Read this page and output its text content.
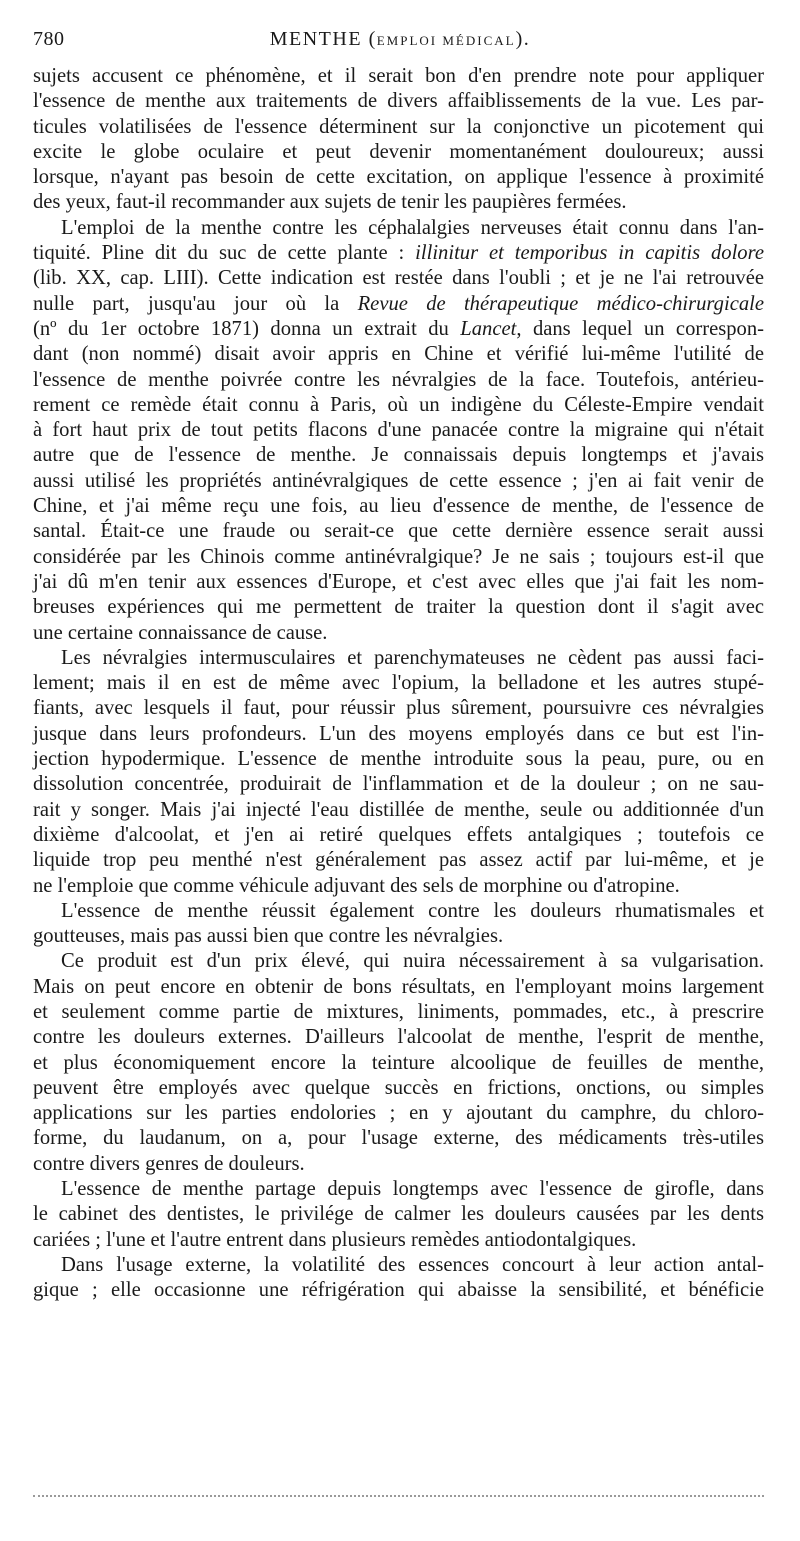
780	MENTHE (EMPLOI MÉDICAL).
sujets accusent ce phénomène, et il serait bon d'en prendre note pour appliquer
l'essence de menthe aux traitements de divers affaiblissements de la vue. Les par-
ticules volatilisées de l'essence déterminent sur la conjonctive un picotement qui
excite le globe oculaire et peut devenir momentanément douloureux; aussi
lorsque, n'ayant pas besoin de cette excitation, on applique l'essence à proximité
des yeux, faut-il recommander aux sujets de tenir les paupières fermées.
L'emploi de la menthe contre les céphalalgies nerveuses était connu dans l'an-
tiquité. Pline dit du suc de cette plante : illinitur et temporibus in capitis dolore
(lib. XX, cap. LIII). Cette indication est restée dans l'oubli ; et je ne l'ai retrouvée
nulle part, jusqu'au jour où la Revue de thérapeutique médico-chirurgicale
(nº du 1er octobre 1871) donna un extrait du Lancet, dans lequel un correspon-
dant (non nommé) disait avoir appris en Chine et vérifié lui-même l'utilité de
l'essence de menthe poivrée contre les névralgies de la face. Toutefois, antérieu-
rement ce remède était connu à Paris, où un indigène du Céleste-Empire vendait
à fort haut prix de tout petits flacons d'une panacée contre la migraine qui n'était
autre que de l'essence de menthe. Je connaissais depuis longtemps et j'avais
aussi utilisé les propriétés antinévralgiques de cette essence ; j'en ai fait venir de
Chine, et j'ai même reçu une fois, au lieu d'essence de menthe, de l'essence de
santal. Était-ce une fraude ou serait-ce que cette dernière essence serait aussi
considérée par les Chinois comme antinévralgique? Je ne sais ; toujours est-il que
j'ai dû m'en tenir aux essences d'Europe, et c'est avec elles que j'ai fait les nom-
breuses expériences qui me permettent de traiter la question dont il s'agit avec
une certaine connaissance de cause.
Les névralgies intermusculaires et parenchymateuses ne cèdent pas aussi faci-
lement; mais il en est de même avec l'opium, la belladone et les autres stupé-
fiants, avec lesquels il faut, pour réussir plus sûrement, poursuivre ces névralgies
jusque dans leurs profondeurs. L'un des moyens employés dans ce but est l'in-
jection hypodermique. L'essence de menthe introduite sous la peau, pure, ou en
dissolution concentrée, produirait de l'inflammation et de la douleur ; on ne sau-
rait y songer. Mais j'ai injecté l'eau distillée de menthe, seule ou additionnée d'un
dixième d'alcoolat, et j'en ai retiré quelques effets antalgiques ; toutefois ce
liquide trop peu menthé n'est généralement pas assez actif par lui-même, et je
ne l'emploie que comme véhicule adjuvant des sels de morphine ou d'atropine.
L'essence de menthe réussit également contre les douleurs rhumatismales et
goutteuses, mais pas aussi bien que contre les névralgies.
Ce produit est d'un prix élevé, qui nuira nécessairement à sa vulgarisation.
Mais on peut encore en obtenir de bons résultats, en l'employant moins largement
et seulement comme partie de mixtures, liniments, pommades, etc., à prescrire
contre les douleurs externes. D'ailleurs l'alcoolat de menthe, l'esprit de menthe,
et plus économiquement encore la teinture alcoolique de feuilles de menthe,
peuvent être employés avec quelque succès en frictions, onctions, ou simples
applications sur les parties endolories ; en y ajoutant du camphre, du chloro-
forme, du laudanum, on a, pour l'usage externe, des médicaments très-utiles
contre divers genres de douleurs.
L'essence de menthe partage depuis longtemps avec l'essence de girofle, dans
le cabinet des dentistes, le privilége de calmer les douleurs causées par les dents
cariées ; l'une et l'autre entrent dans plusieurs remèdes antiodontalgiques.
Dans l'usage externe, la volatilité des essences concourt à leur action antal-
gique ; elle occasionne une réfrigération qui abaisse la sensibilité, et bénéficie
